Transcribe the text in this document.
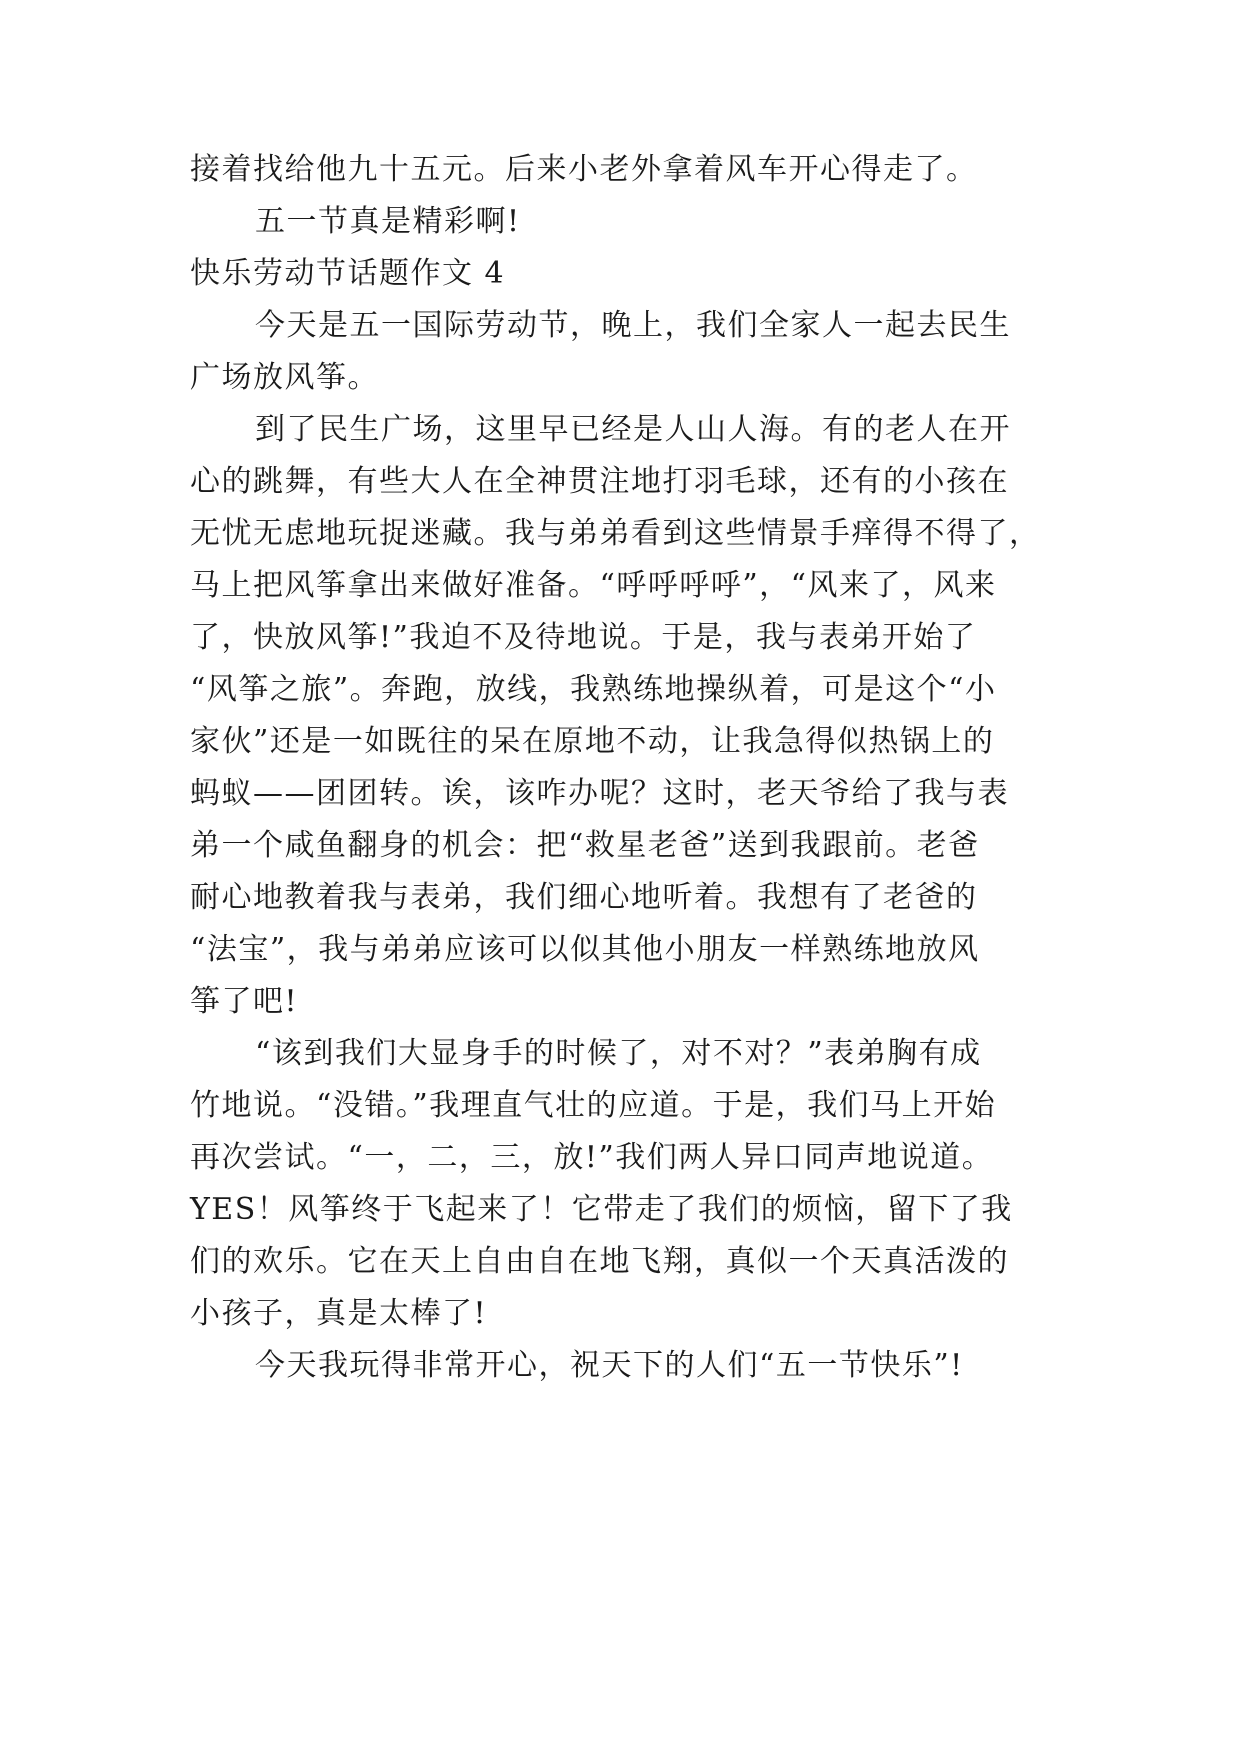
接着找给他九十五元。后来小老外拿着风车开心得走了。
五一节真是精彩啊!
快乐劳动节话题作文 4
今天是五一国际劳动节，晚上，我们全家人一起去民生
广场放风筝。
到了民生广场，这里早已经是人山人海。有的老人在开
心的跳舞，有些大人在全神贯注地打羽毛球，还有的小孩在
无忧无虑地玩捉迷藏。我与弟弟看到这些情景手痒得不得了，
马上把风筝拿出来做好准备。“呼呼呼呼”，“风来了，风来
了，快放风筝!”我迫不及待地说。于是，我与表弟开始了
“风筝之旅”。奔跑，放线，我熟练地操纵着，可是这个“小
家伙”还是一如既往的呆在原地不动，让我急得似热锅上的
蚂蚁——团团转。诶，该咋办呢？这时，老天爷给了我与表
弟一个咸鱼翻身的机会：把“救星老爸”送到我跟前。老爸
耐心地教着我与表弟，我们细心地听着。我想有了老爸的
“法宝”，我与弟弟应该可以似其他小朋友一样熟练地放风
筝了吧!
“该到我们大显身手的时候了，对不对？”表弟胸有成
竹地说。“没错。”我理直气壮的应道。于是，我们马上开始
再次尝试。“一，二，三，放!”我们两人异口同声地说道。
YES！风筝终于飞起来了！它带走了我们的烦恼，留下了我
们的欢乐。它在天上自由自在地飞翔，真似一个天真活泼的
小孩子，真是太棒了!
今天我玩得非常开心，祝天下的人们“五一节快乐”!
